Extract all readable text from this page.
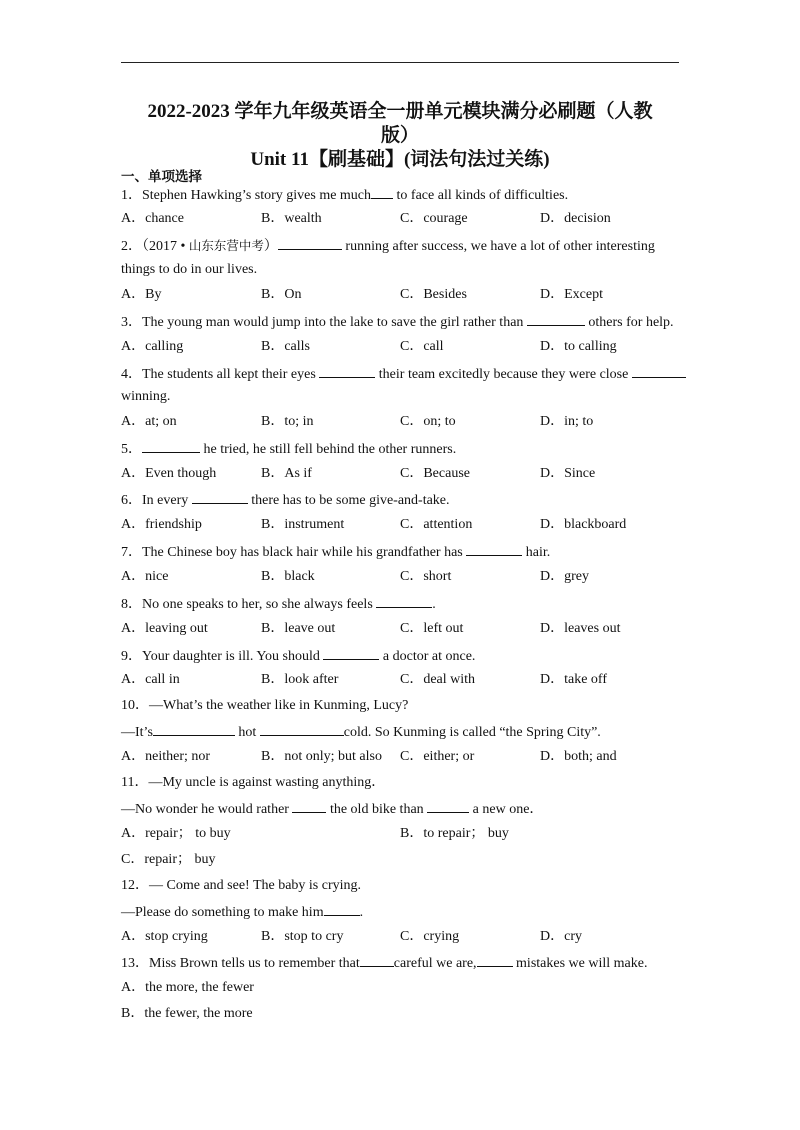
2022-2023 学年九年级英语全一册单元模块满分必刷题（人教
版）
Unit 11【刷基础】(词法句法过关练)
一、单项选择
1．Stephen Hawking’s story gives me much to face all kinds of difficulties.
A．chance	B．wealth	C．courage	D．decision
2．（2017 • 山东东营中考）	running after success, we have a lot of other interesting
things to do in our lives.
A．By	B．On	C．Besides	D．Except
3．The young man would jump into the lake to save the girl rather than	others for help.
A．calling	B．calls	C．call	D．to calling
4．The students all kept their eyes	their team excitedly because they were close
winning.
A．at; on	B．to; in	C．on; to	D．in; to
5．	he tried, he still fell behind the other runners.
A．Even though	B．As if	C．Because	D．Since
6．In every	there has to be some give-and-take.
A．friendship	B．instrument	C．attention	D．blackboard
7．The Chinese boy has black hair while his grandfather has	hair.
A．nice	B．black	C．short	D．grey
8．No one speaks to her, so she always feels	.
A．leaving out	B．leave out	C．left out	D．leaves out
9．Your daughter is ill. You should	a doctor at once.
A．call in	B．look after	C．deal with	D．take off
10．—What’s the weather like in Kunming, Lucy?
—It’s	hot	cold. So Kunming is called “the Spring City”.
A．neither; nor	B．not only; but also C．either; or	D．both; and
11．—My uncle is against wasting anything．
—No wonder he would rather  the old bike than	a new one．
A．repair； to buy	B．to repair； buy
C．repair； buy
12．— Come and see! The baby is crying.
—Please do something to make him	.
A．stop crying	B．stop to cry	C．crying	D．cry
13．Miss Brown tells us to remember that careful we are,	mistakes we will make.
A．the more, the fewer
B．the fewer, the more
